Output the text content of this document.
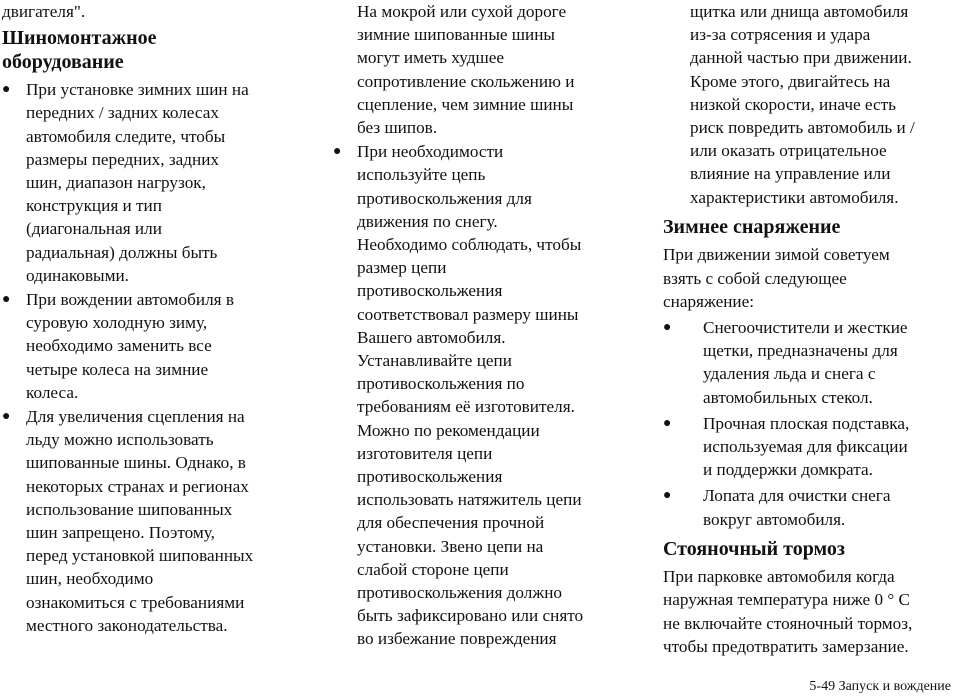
двигателя".

Шиномонтажное
оборудование
● При установке зимних шин на
передних / задних колесах
автомобиля следите, чтобы
размеры передних, задних
шин, диапазон нагрузок,
конструкция и тип
(диагональная или
радиальная) должны быть
одинаковыми.
● При вождении автомобиля в
суровую холодную зиму,
необходимо заменить все
четыре колеса на зимние
колеса.
● Для увеличения сцепления на
льду можно использовать
шипованные шины. Однако, в
некоторых странах и регионах
использование шипованных
шин запрещено. Поэтому,
перед установкой шипованных
шин, необходимо
ознакомиться с требованиями
местного законодательства.
На мокрой или сухой дороге
зимние шипованные шины
могут иметь худшее
сопротивление скольжению и
сцепление, чем зимние шины
без шипов.
● При необходимости
используйте цепь
противоскольжения для
движения по снегу.
Необходимо соблюдать, чтобы
размер цепи
противоскольжения
соответствовал размеру шины
Вашего автомобиля.
Устанавливайте цепи
противоскольжения по
требованиям её изготовителя.
Можно по рекомендации
изготовителя цепи
противоскольжения
использовать натяжитель цепи
для обеспечения прочной
установки. Звено цепи на
слабой стороне цепи
противоскольжения должно
быть зафиксировано или снято
во избежание повреждения
щитка или днища автомобиля
из-за сотрясения и удара
данной частью при движении.
Кроме этого, двигайтесь на
низкой скорости, иначе есть
риск повредить автомобиль и /
или оказать отрицательное
влияние на управление или
характеристики автомобиля.
Зимнее снаряжение
При движении зимой советуем
взять с собой следующее
снаряжение:
● Снегоочистители и жесткие
щетки, предназначены для
удаления льда и снега с
автомобильных стекол.
● Прочная плоская подставка,
используемая для фиксации
и поддержки домкрата.
● Лопата для очистки снега
вокруг автомобиля.
Стояночный тормоз
При парковке автомобиля когда
наружная температура ниже 0 ° C
не включайте стояночный тормоз,
чтобы предотвратить замерзание.
5-49 Запуск и вождение
